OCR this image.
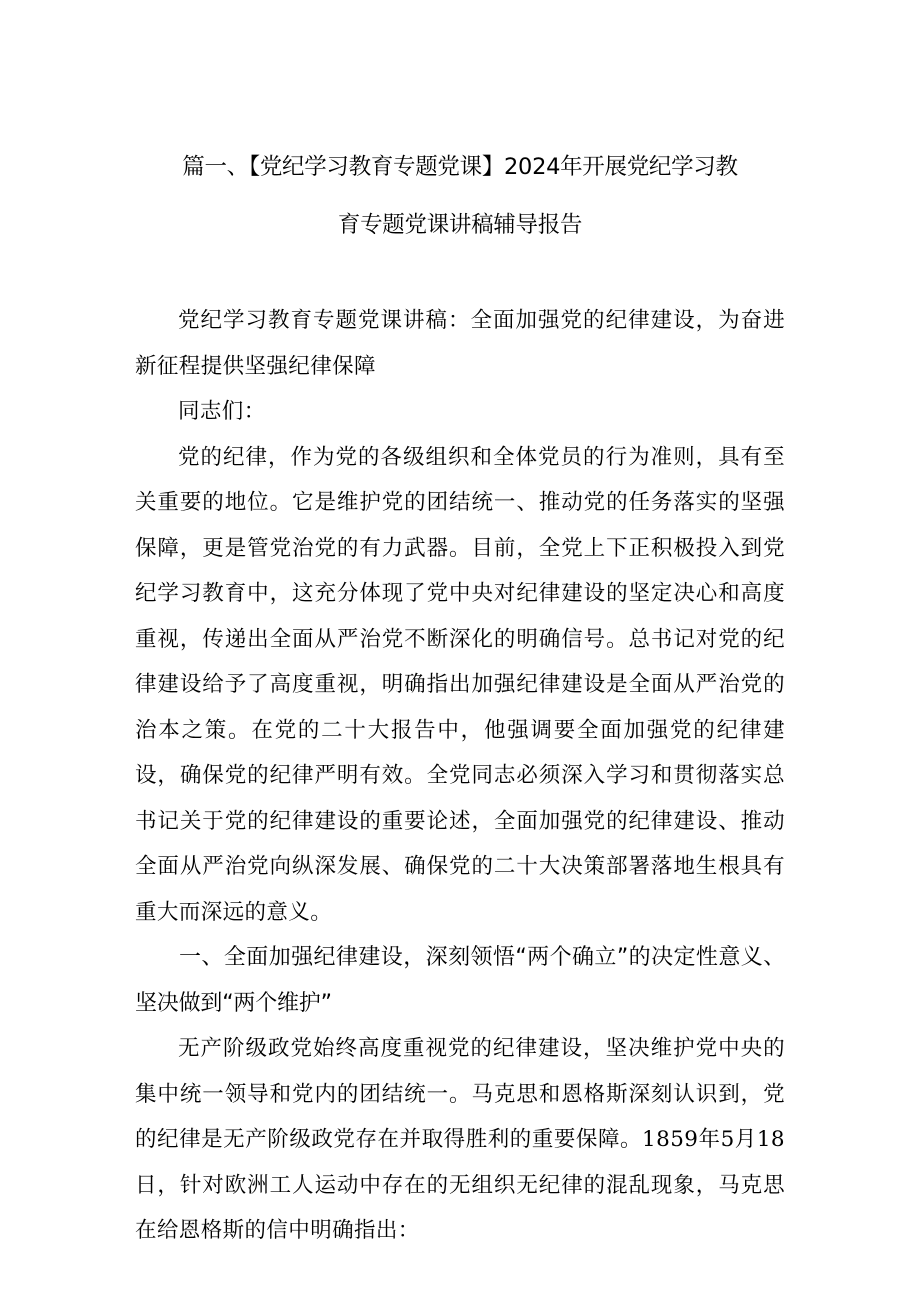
篇一、【党纪学习教育专题党课】2024年开展党纪学习教
育专题党课讲稿辅导报告

党纪学习教育专题党课讲稿：全面加强党的纪律建设，为奋进新征程提供坚强纪律保障

同志们：

党的纪律，作为党的各级组织和全体党员的行为准则，具有至关重要的地位。它是维护党的团结统一、推动党的任务落实的坚强保障，更是管党治党的有力武器。目前，全党上下正积极投入到党纪学习教育中，这充分体现了党中央对纪律建设的坚定决心和高度重视，传递出全面从严治党不断深化的明确信号。总书记对党的纪律建设给予了高度重视，明确指出加强纪律建设是全面从严治党的治本之策。在党的二十大报告中，他强调要全面加强党的纪律建设，确保党的纪律严明有效。全党同志必须深入学习和贯彻落实总书记关于党的纪律建设的重要论述，全面加强党的纪律建设、推动全面从严治党向纵深发展、确保党的二十大决策部署落地生根具有重大而深远的意义。

一、全面加强纪律建设，深刻领悟“两个确立”的决定性意义、坚决做到“两个维护”

无产阶级政党始终高度重视党的纪律建设，坚决维护党中央的集中统一领导和党内的团结统一。马克思和恩格斯深刻认识到，党的纪律是无产阶级政党存在并取得胜利的重要保障。1859年5月18日，针对欧洲工人运动中存在的无组织无纪律的混乱现象，马克思在给恩格斯的信中明确指出：
